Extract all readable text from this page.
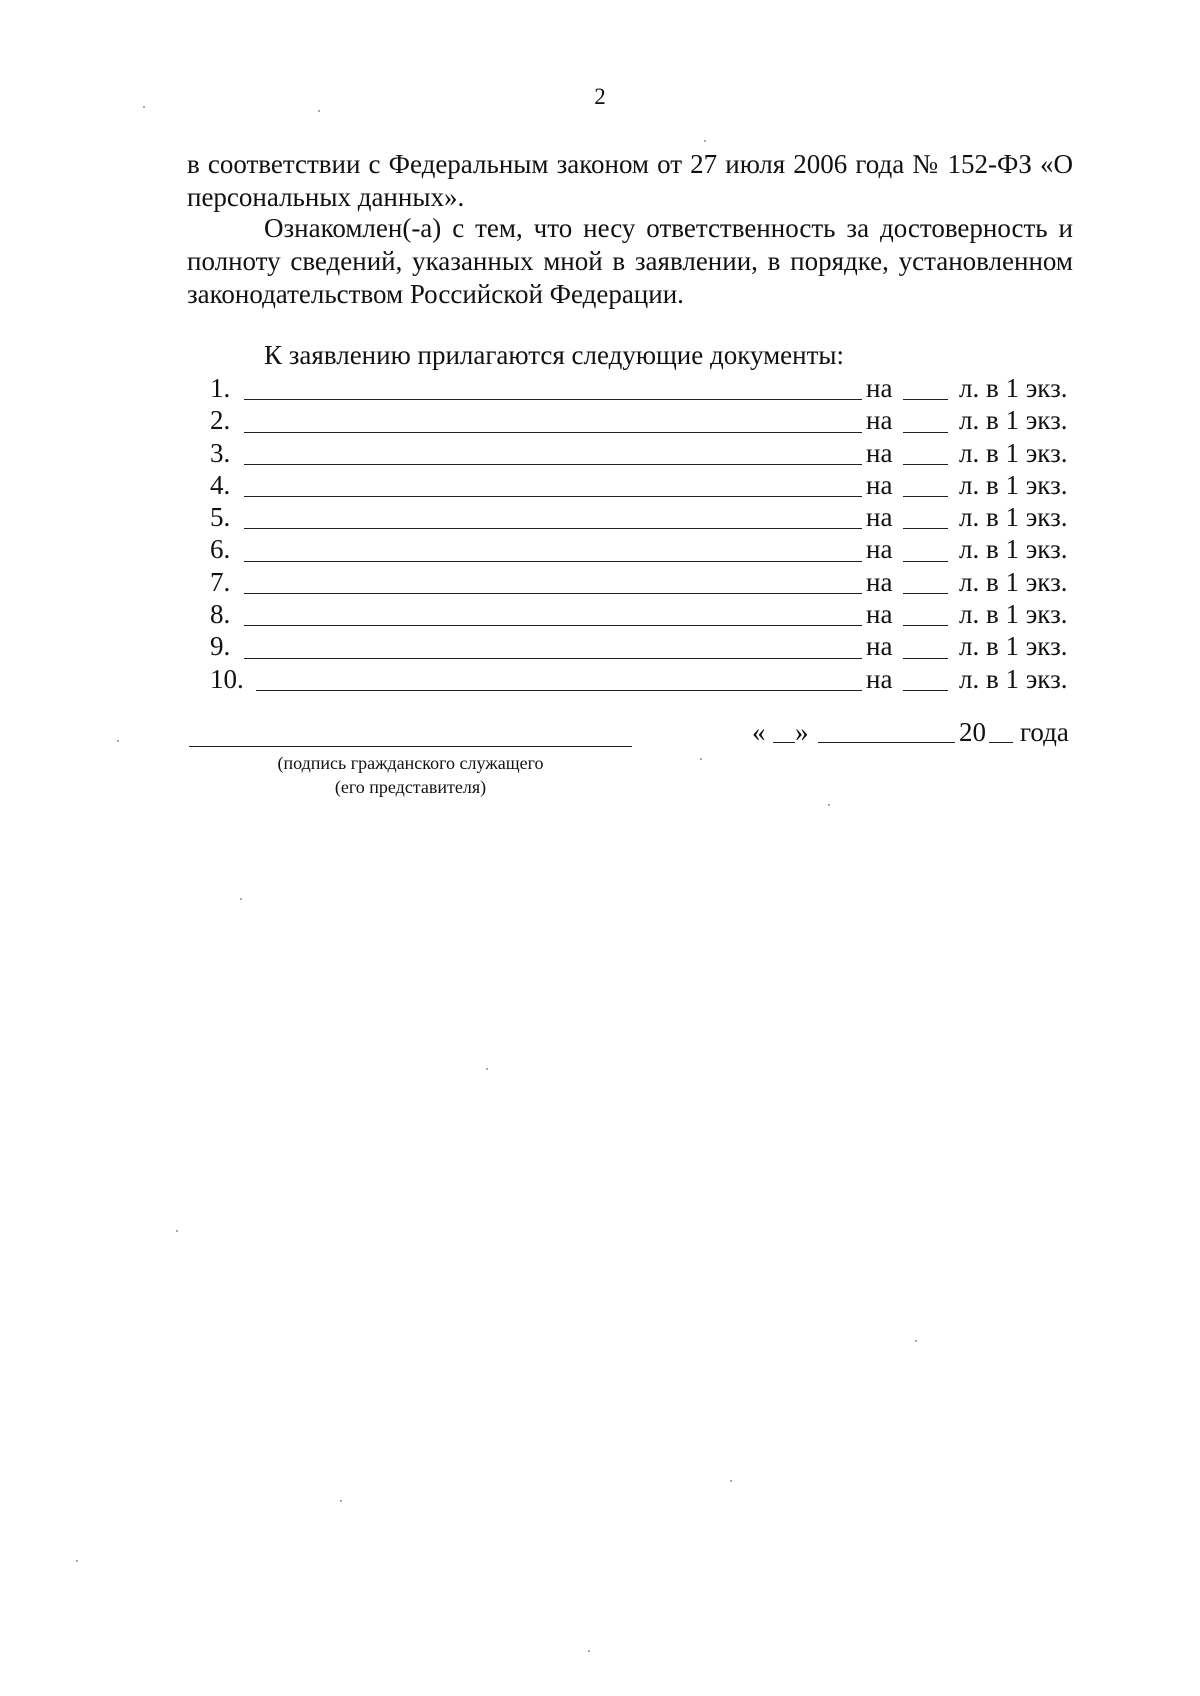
2
в соответствии с Федеральным законом от 27 июля 2006 года № 152-ФЗ «О персональных данных».
Ознакомлен(-а) с тем, что несу ответственность за достоверность и полноту сведений, указанных мной в заявлении, в порядке, установленном законодательством Российской Федерации.
К заявлению прилагаются следующие документы:
1.	на л. в 1 экз.
2.	на л. в 1 экз.
3.	на л. в 1 экз.
4.	на л. в 1 экз.
5.	на л. в 1 экз.
6.	на л. в 1 экз.
7.	на л. в 1 экз.
8.	на л. в 1 экз.
9.	на л. в 1 экз.
10.	на л. в 1 экз.
(подпись гражданского служащего
(его представителя)
« »	20 года
